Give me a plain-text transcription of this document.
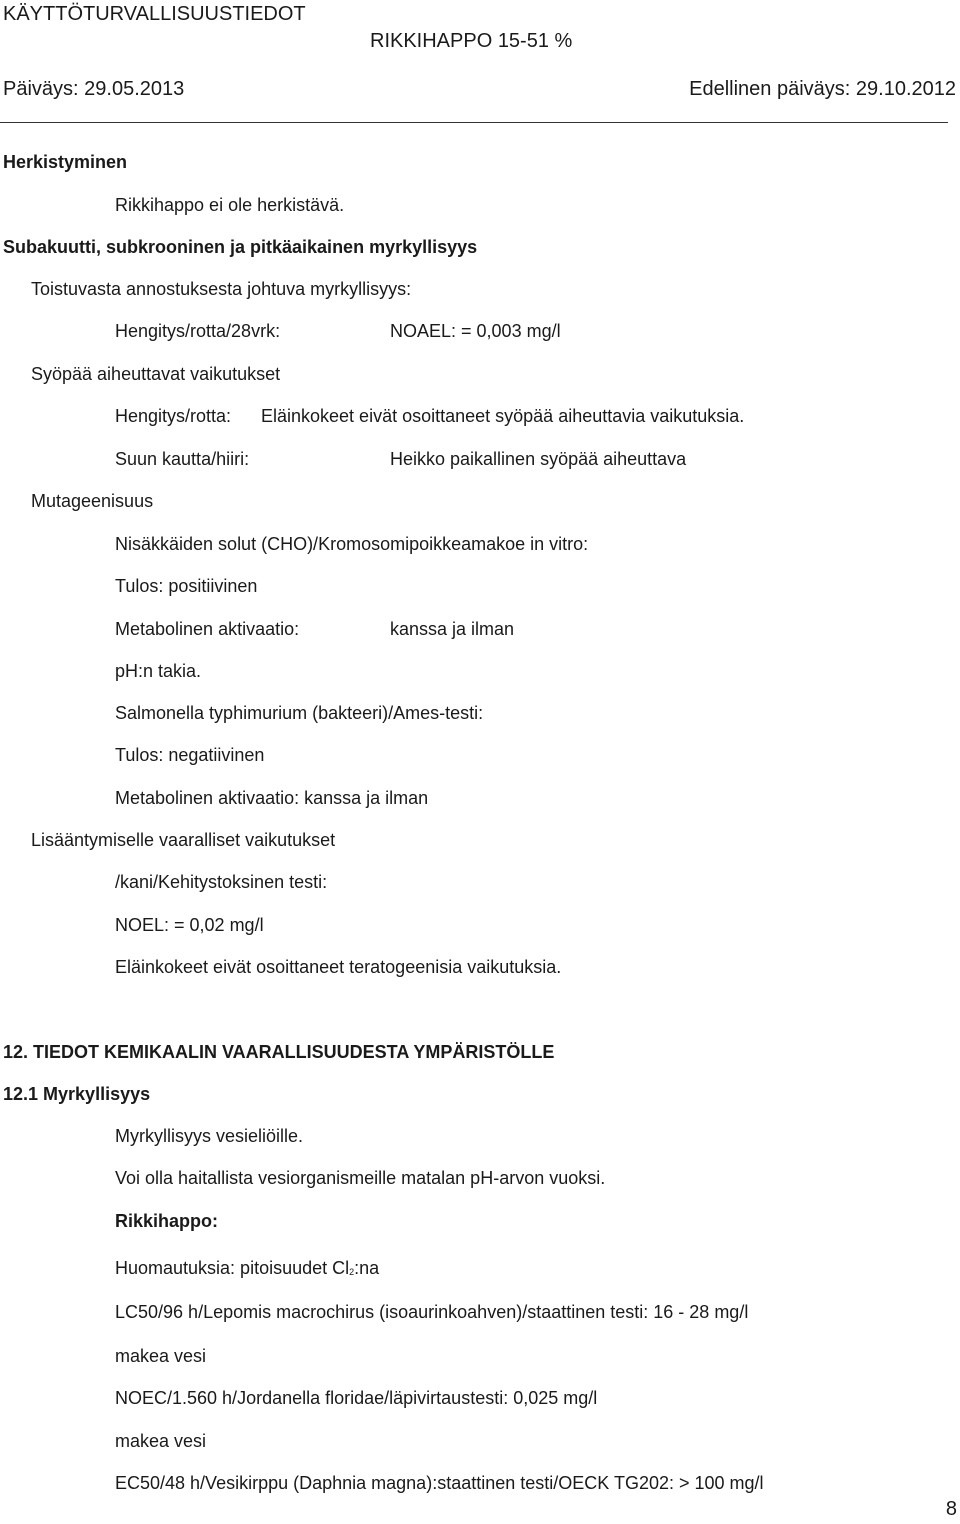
KÄYTTÖTURVALLISUUSTIEDOT
RIKKIHAPPO 15-51 %
Päiväys: 29.05.2013	Edellinen päiväys: 29.10.2012
Herkistyminen
Rikkihappo ei ole herkistävä.
Subakuutti, subkrooninen ja pitkäaikainen myrkyllisyys
Toistuvasta annostuksesta johtuva myrkyllisyys:
Hengitys/rotta/28vrk:	NOAEL: = 0,003 mg/l
Syöpää aiheuttavat vaikutukset
Hengitys/rotta: Eläinkokeet eivät osoittaneet syöpää aiheuttavia vaikutuksia.
Suun kautta/hiiri:	Heikko paikallinen syöpää aiheuttava
Mutageenisuus
Nisäkkäiden solut (CHO)/Kromosomipoikkeamakoe in vitro:
Tulos: positiivinen
Metabolinen aktivaatio:	kanssa ja ilman
pH:n takia.
Salmonella typhimurium (bakteeri)/Ames-testi:
Tulos: negatiivinen
Metabolinen aktivaatio: kanssa ja ilman
Lisääntymiselle vaaralliset vaikutukset
/kani/Kehitystoksinen testi:
NOEL: = 0,02 mg/l
Eläinkokeet eivät osoittaneet teratogeenisia vaikutuksia.
12. TIEDOT KEMIKAALIN VAARALLISUUDESTA YMPÄRISTÖLLE
12.1 Myrkyllisyys
Myrkyllisyys vesieliöille.
Voi olla haitallista vesiorganismeille matalan pH-arvon vuoksi.
Rikkihappo:
Huomautuksia: pitoisuudet $Cl_2:na$
LC50/96 h/Lepomis macrochirus (isoaurinkoahven)/staattinen testi: 16 - 28 mg/l
makea vesi
NOEC/1.560 h/Jordanella floridae/läpivirtaustesti: 0,025 mg/l
makea vesi
EC50/48 h/Vesikirppu (Daphnia magna):staattinen testi/OECK TG202: > 100 mg/l
8
